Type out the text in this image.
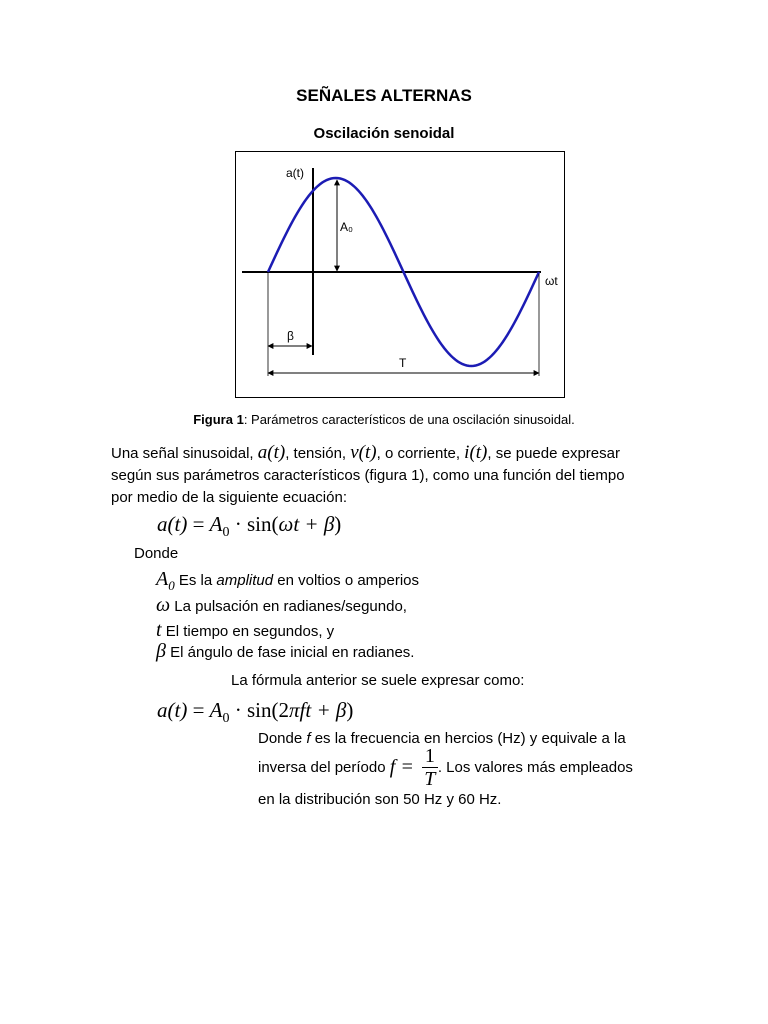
SEÑALES ALTERNAS
Oscilación senoidal
a(t)
A₀
ωt
β
T
Figura 1: Parámetros característicos de una oscilación sinusoidal.
Una señal sinusoidal, a(t), tensión, v(t), o corriente, i(t), se puede expresar
según sus parámetros característicos (figura 1), como una función del tiempo
por medio de la siguiente ecuación:
$a(t) = A_0 \cdot \sin(\omega t + \beta)$
Donde
$A_0$ Es la amplitud en voltios o amperios
ω La pulsación en radianes/segundo,
t El tiempo en segundos, y
β El ángulo de fase inicial en radianes.
La fórmula anterior se suele expresar como:
$a(t) = A_0 \cdot \sin(2\pi ft + \beta)$
Donde f es la frecuencia en hercios (Hz) y equivale a la
inversa del período $f = \frac{1}{T}$ . Los valores más empleados
en la distribución son 50 Hz y 60 Hz.
